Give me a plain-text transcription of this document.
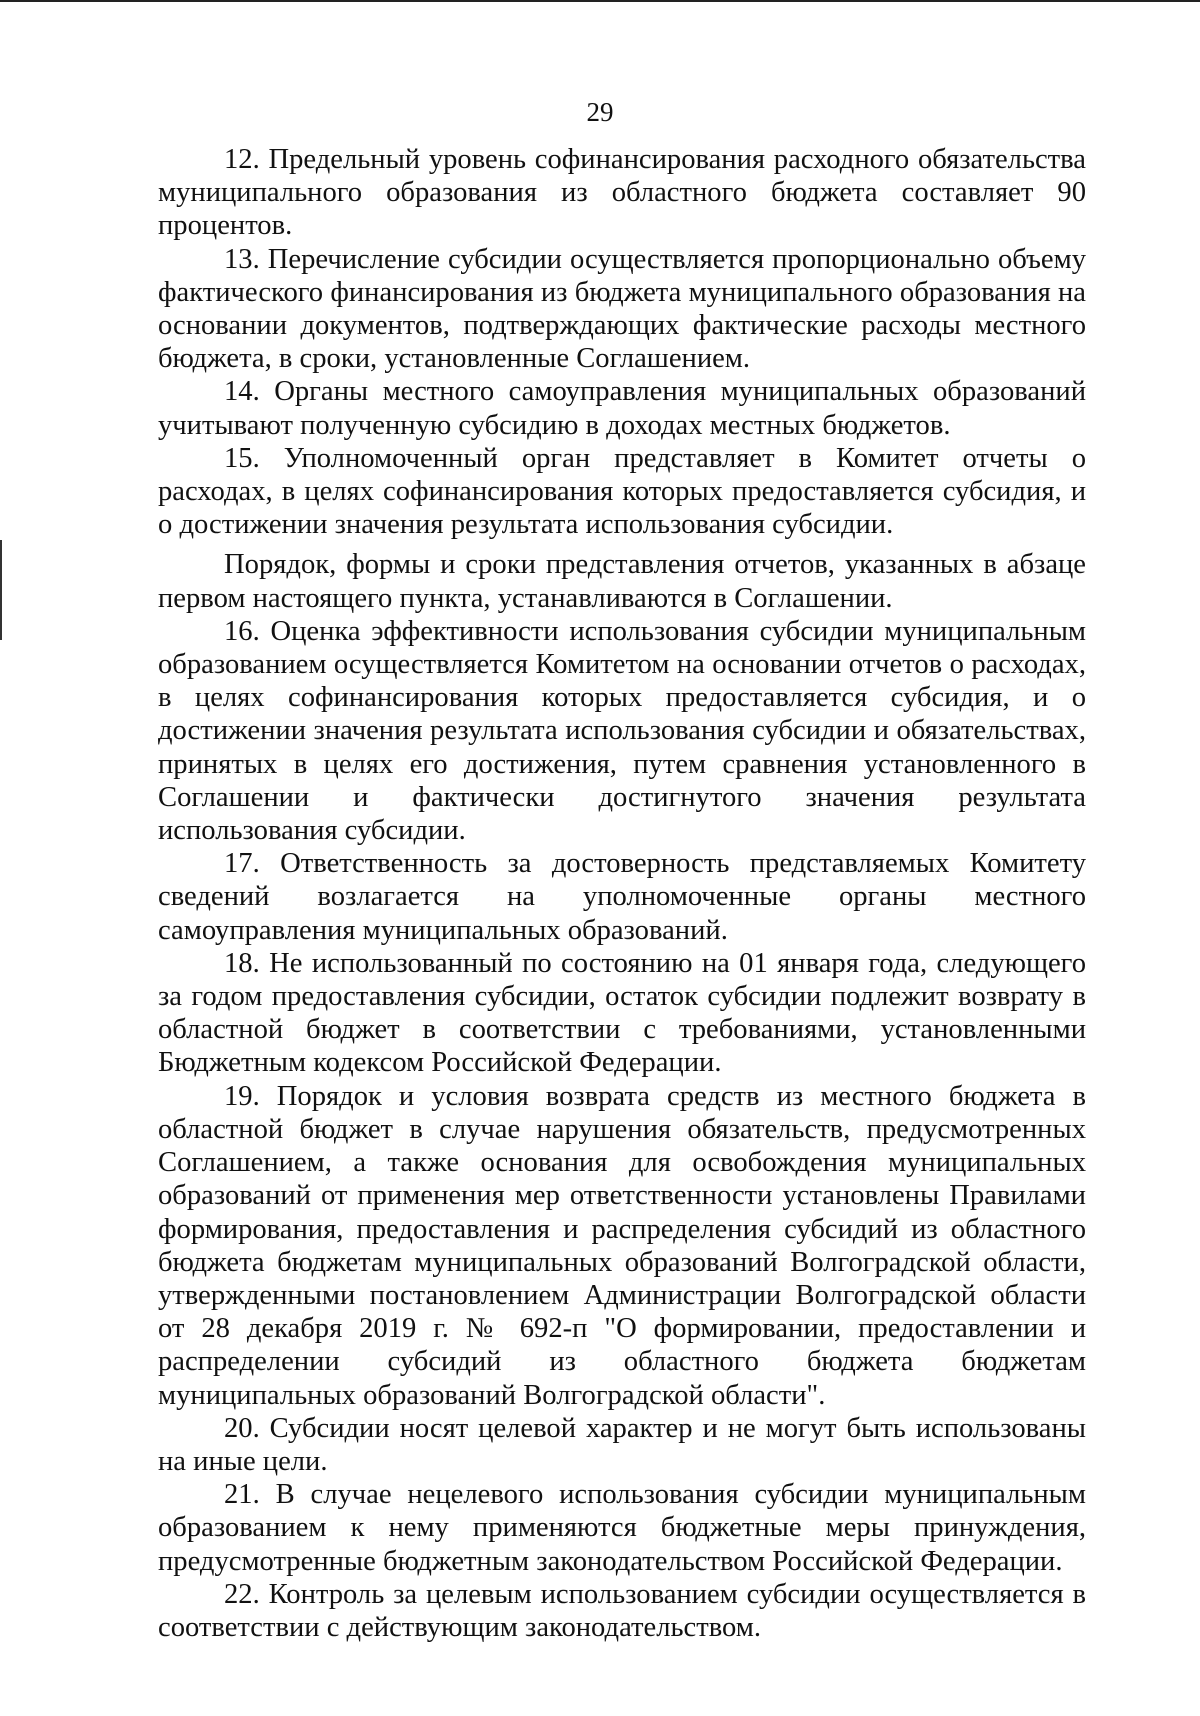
29

12. Предельный уровень софинансирования расходного обязательства муниципального образования из областного бюджета составляет 90 процентов.

13. Перечисление субсидии осуществляется пропорционально объему фактического финансирования из бюджета муниципального образования на основании документов, подтверждающих фактические расходы местного бюджета, в сроки, установленные Соглашением.

14. Органы местного самоуправления муниципальных образований учитывают полученную субсидию в доходах местных бюджетов.

15. Уполномоченный орган представляет в Комитет отчеты о расходах, в целях софинансирования которых предоставляется субсидия, и о достижении значения результата использования субсидии.

Порядок, формы и сроки представления отчетов, указанных в абзаце первом настоящего пункта, устанавливаются в Соглашении.

16. Оценка эффективности использования субсидии муниципальным образованием осуществляется Комитетом на основании отчетов о расходах, в целях софинансирования которых предоставляется субсидия, и о достижении значения результата использования субсидии и обязательствах, принятых в целях его достижения, путем сравнения установленного в Соглашении и фактически достигнутого значения результата использования субсидии.

17. Ответственность за достоверность представляемых Комитету сведений возлагается на уполномоченные органы местного самоуправления муниципальных образований.

18. Не использованный по состоянию на 01 января года, следующего за годом предоставления субсидии, остаток субсидии подлежит возврату в областной бюджет в соответствии с требованиями, установленными Бюджетным кодексом Российской Федерации.

19. Порядок и условия возврата средств из местного бюджета в областной бюджет в случае нарушения обязательств, предусмотренных Соглашением, а также основания для освобождения муниципальных образований от применения мер ответственности установлены Правилами формирования, предоставления и распределения субсидий из областного бюджета бюджетам муниципальных образований Волгоградской области, утвержденными постановлением Администрации Волгоградской области от 28 декабря 2019 г. № 692-п "О формировании, предоставлении и распределении субсидий из областного бюджета бюджетам муниципальных образований Волгоградской области".

20. Субсидии носят целевой характер и не могут быть использованы на иные цели.

21. В случае нецелевого использования субсидии муниципальным образованием к нему применяются бюджетные меры принуждения, предусмотренные бюджетным законодательством Российской Федерации.

22. Контроль за целевым использованием субсидии осуществляется в соответствии с действующим законодательством.
